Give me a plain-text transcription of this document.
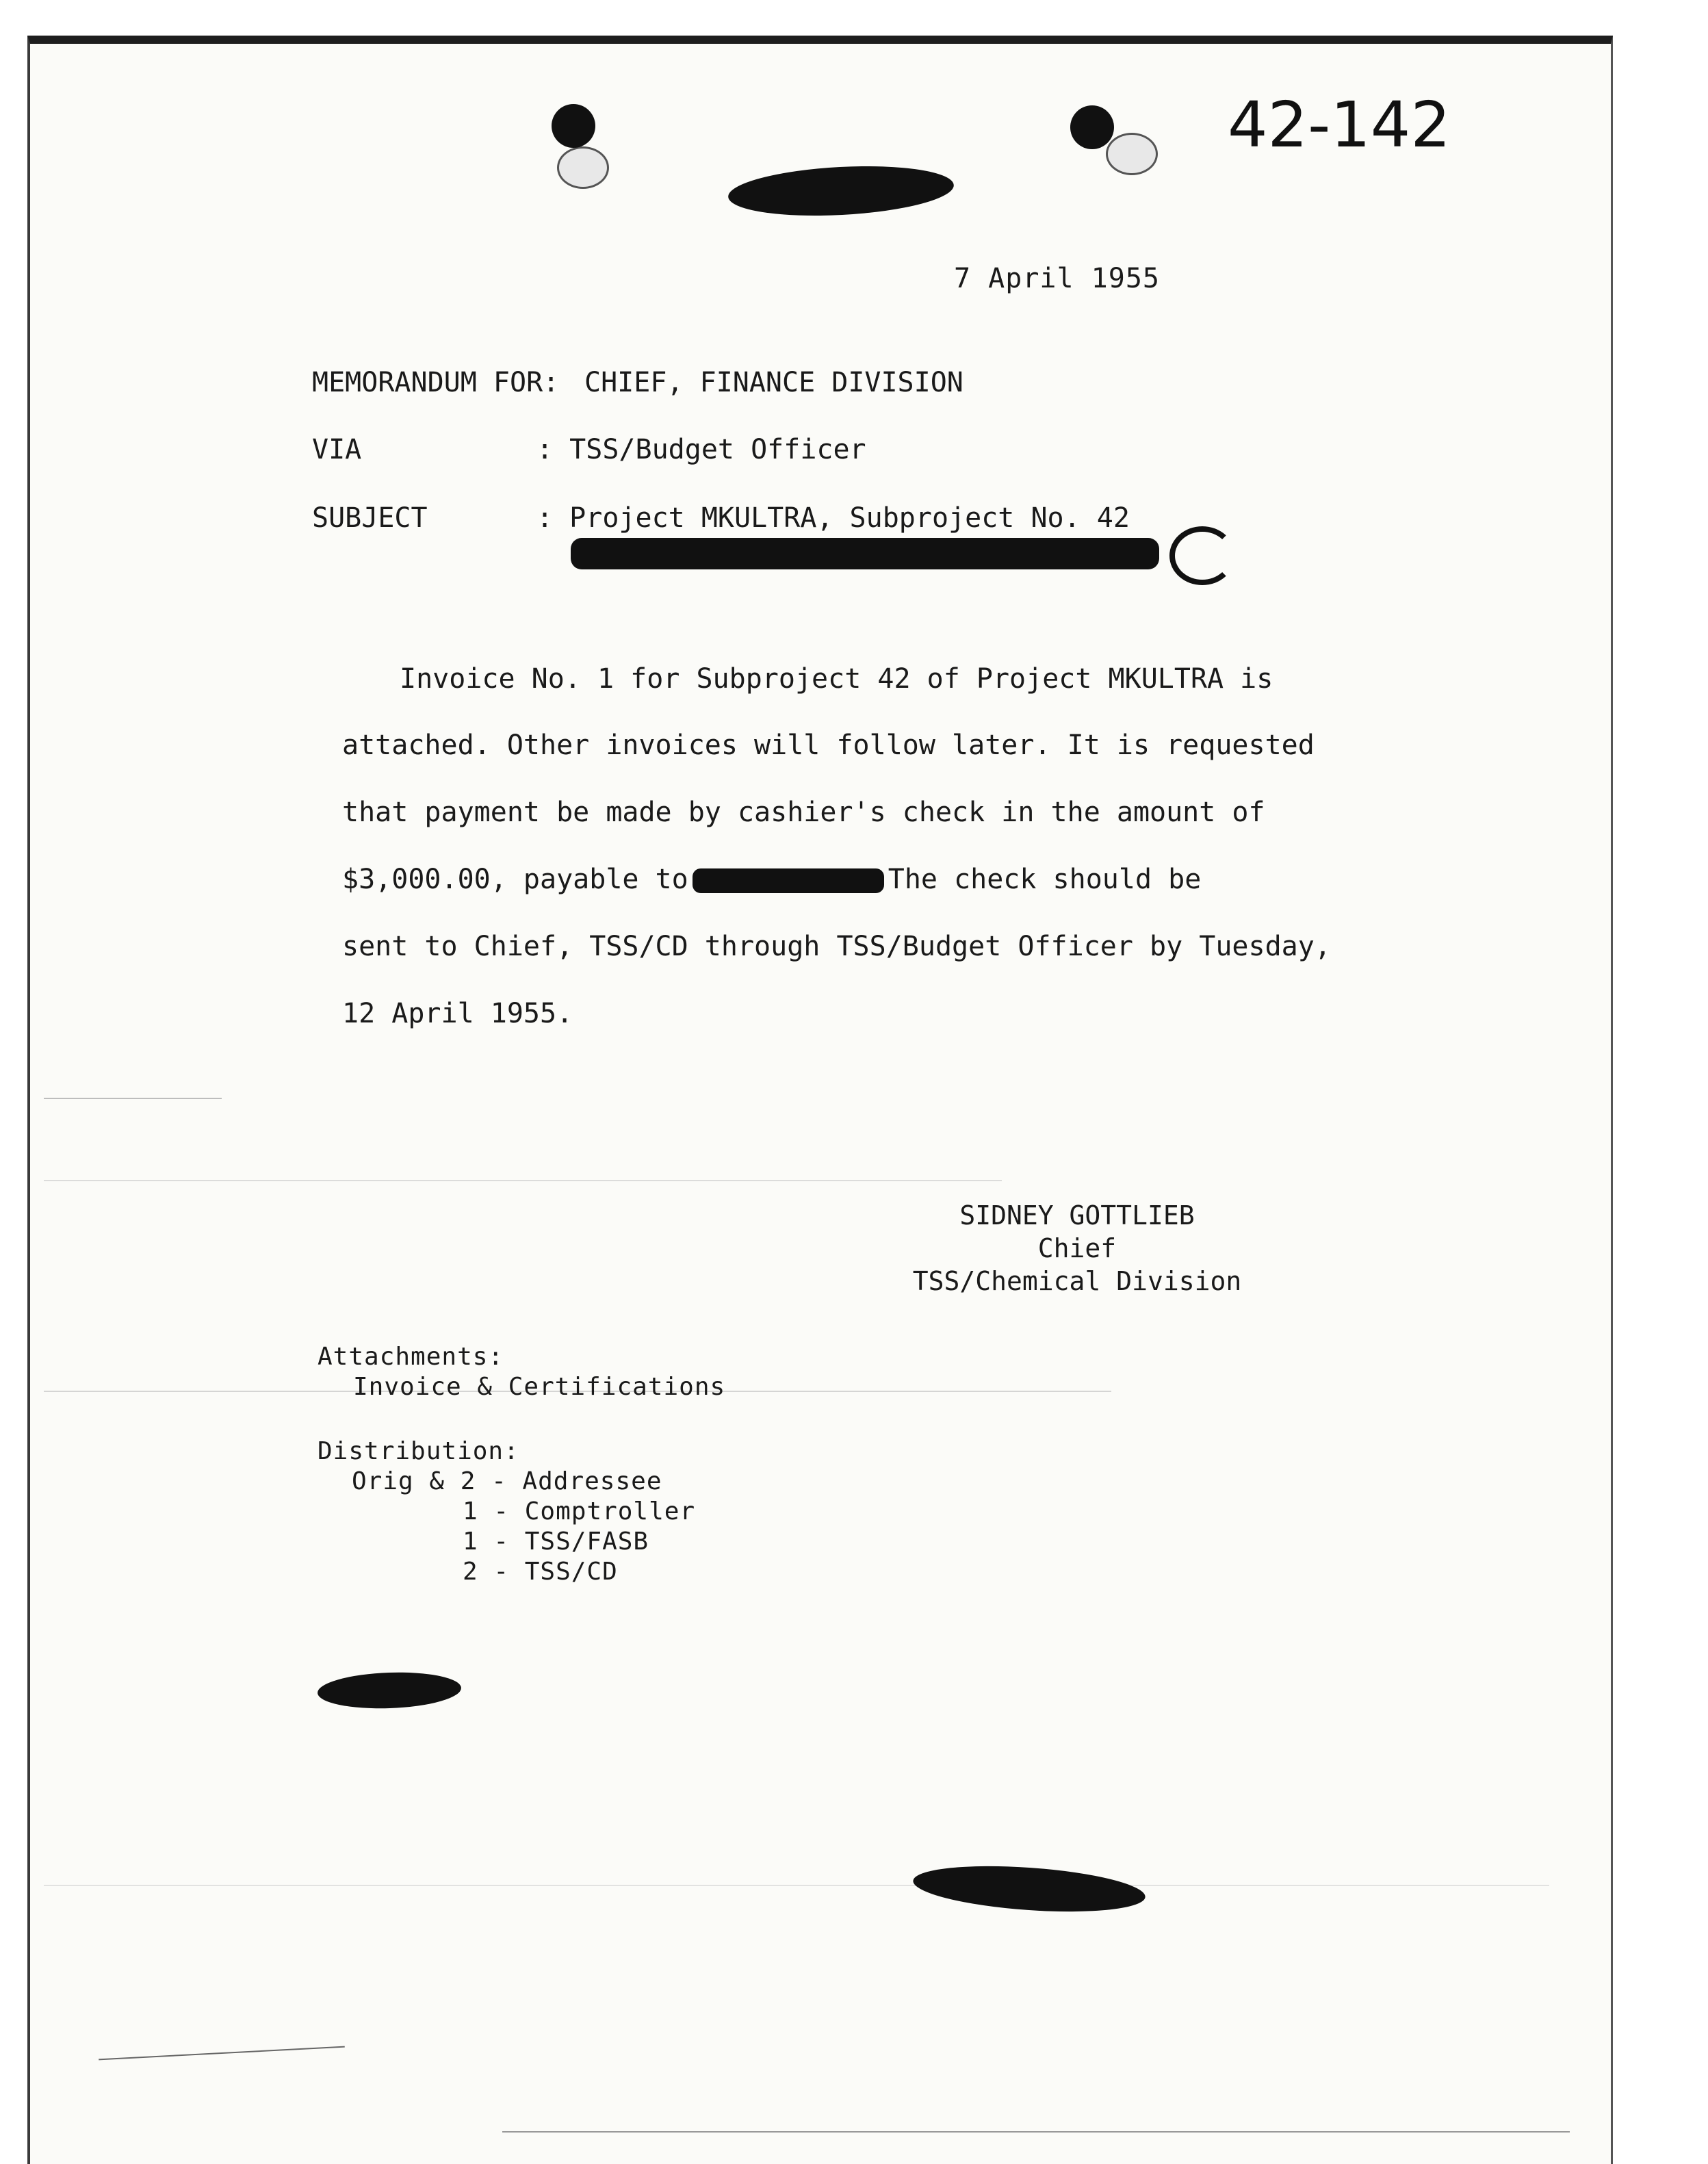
42-142
7 April 1955
MEMORANDUM FOR: CHIEF, FINANCE DIVISION
VIA	: TSS/Budget Officer
SUBJECT	: Project MKULTRA, Subproject No. 42
Invoice No. 1 for Subproject 42 of Project MKULTRA is
attached. Other invoices will follow later. It is requested
that payment be made by cashier's check in the amount of
$3,000.00, payable to	The check should be
sent to Chief, TSS/CD through TSS/Budget Officer by Tuesday,
12 April 1955.
SIDNEY GOTTLIEB
Chief
TSS/Chemical Division
Attachments:
Invoice & Certifications
Distribution:
Orig & 2 - Addressee
1 - Comptroller
1 - TSS/FASB
2 - TSS/CD
